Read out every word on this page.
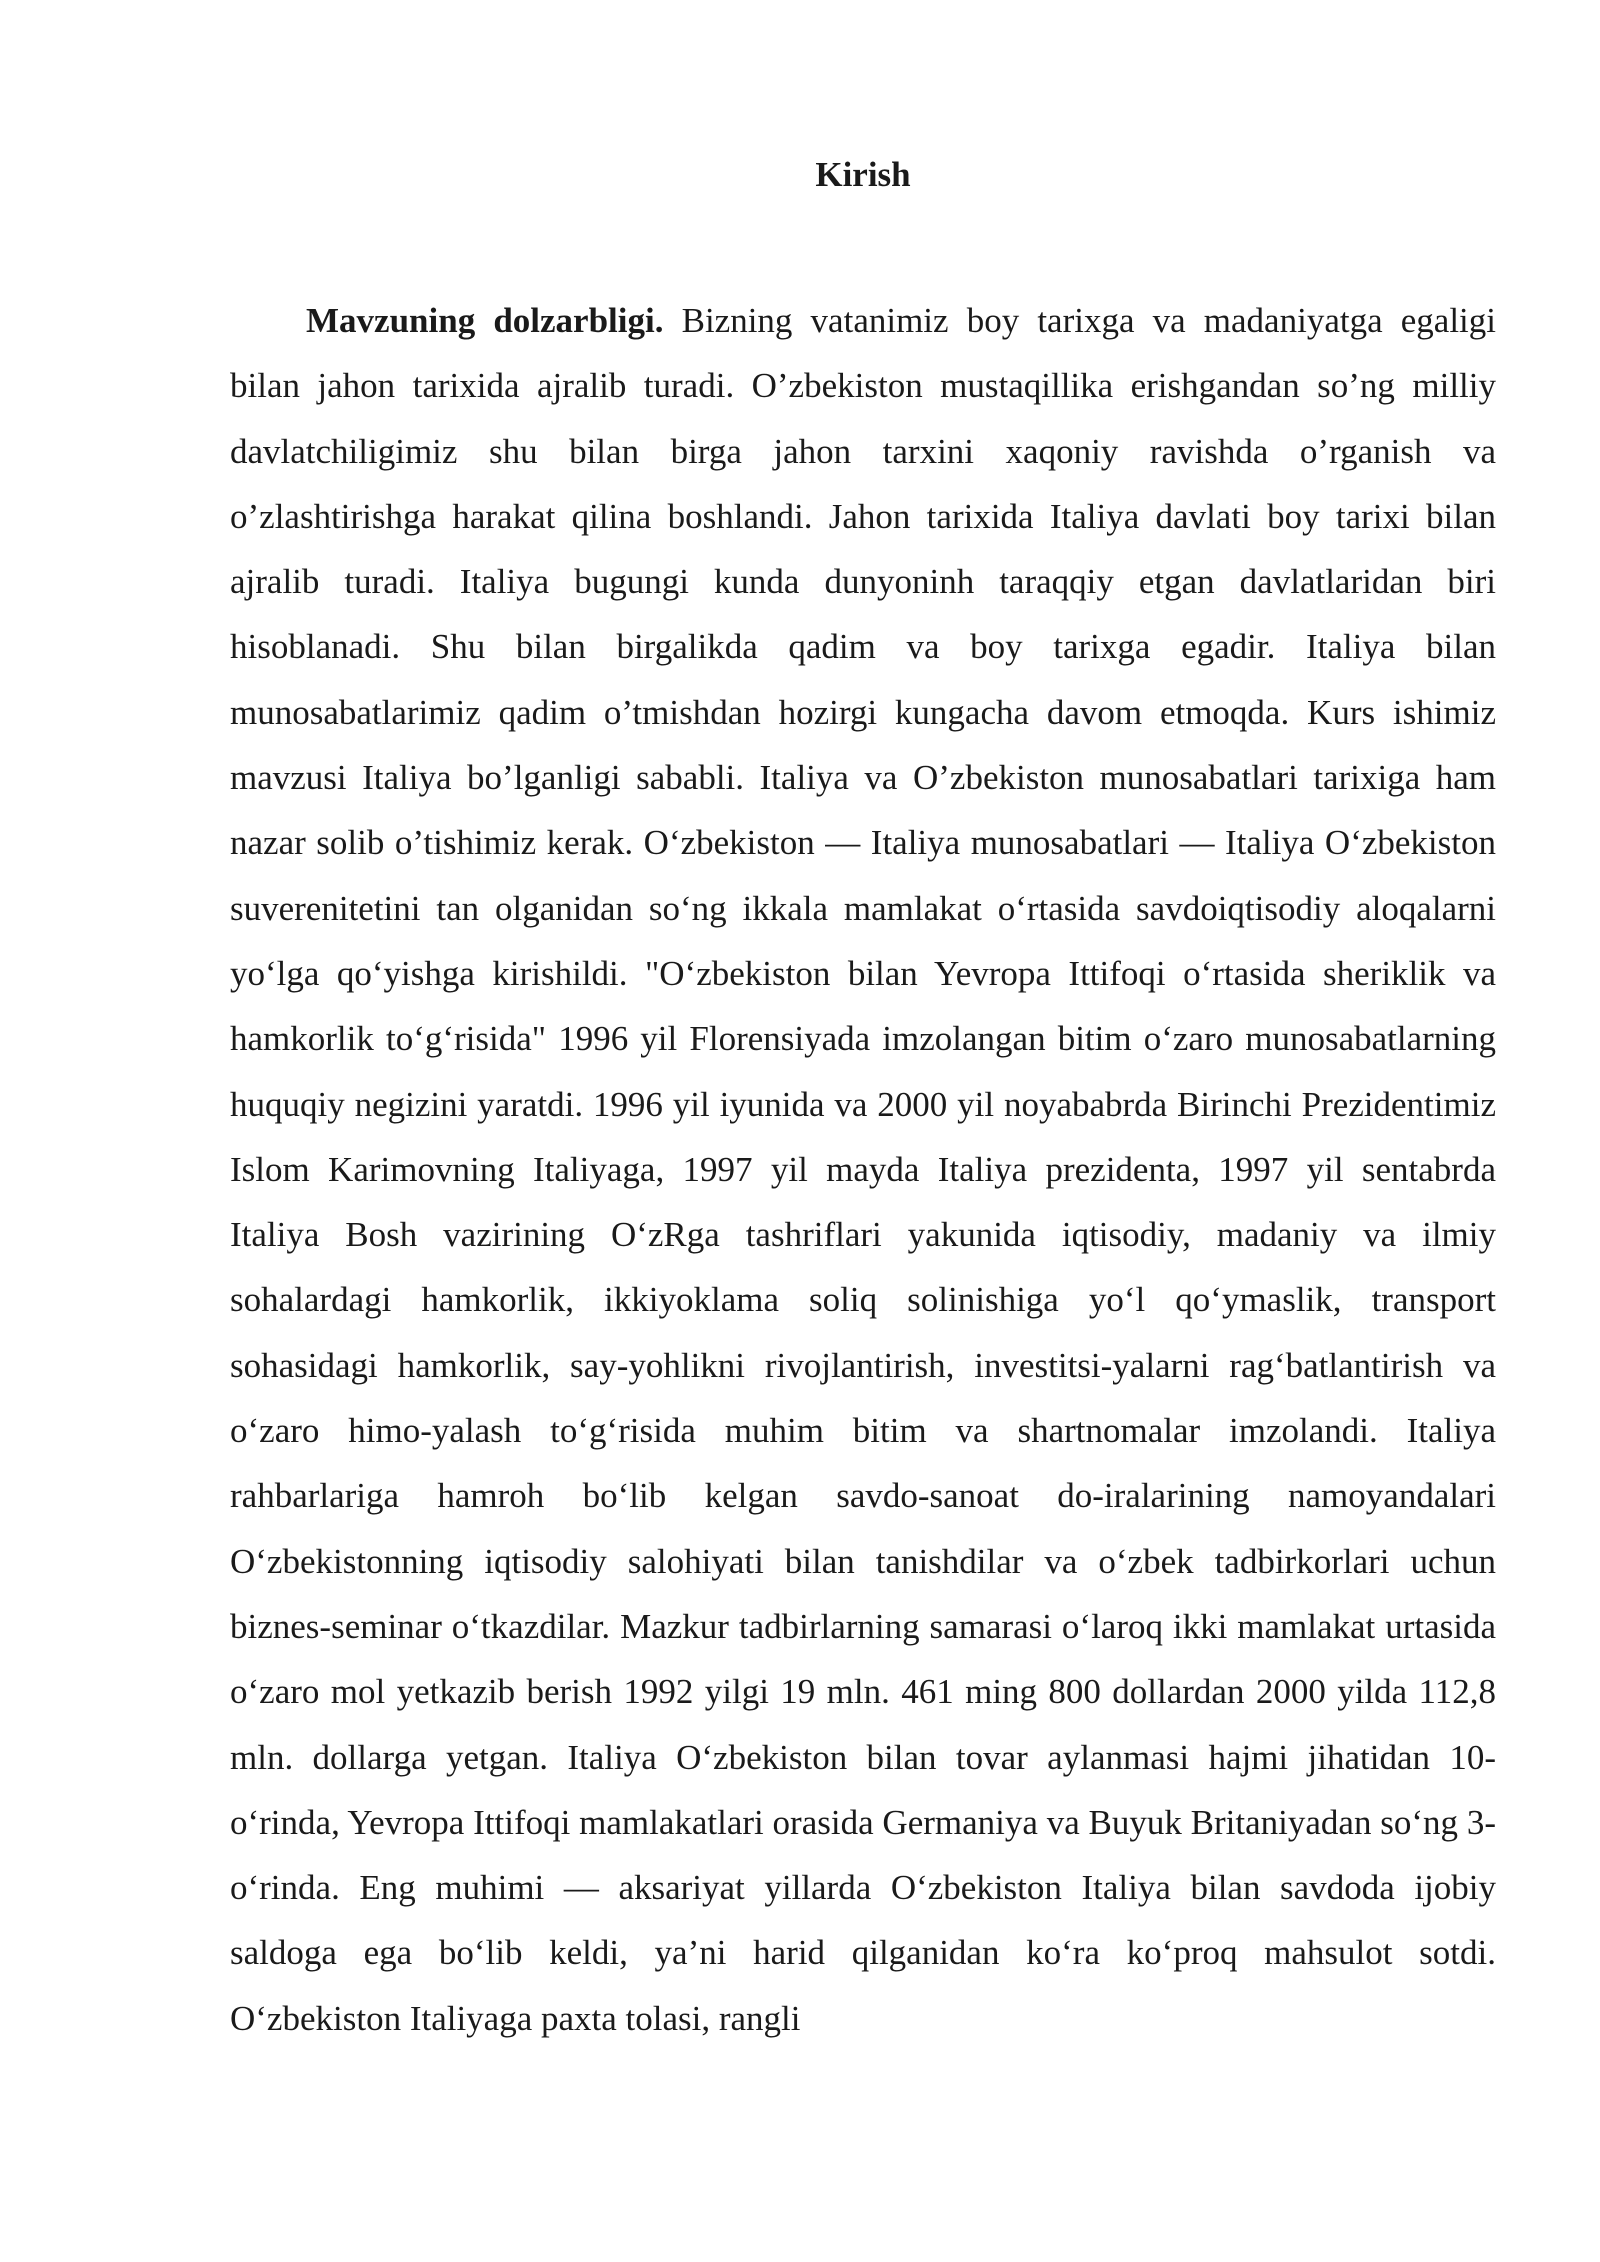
Kirish

Mavzuning dolzarbligi. Bizning vatanimiz boy tarixga va madaniyatga egaligi bilan jahon tarixida ajralib turadi. O’zbekiston mustaqillika erishgandan so’ng milliy davlatchiligimiz shu bilan birga jahon tarxini xaqoniy ravishda o’rganish va o’zlashtirishga harakat qilina boshlandi. Jahon tarixida Italiya davlati boy tarixi bilan ajralib turadi. Italiya bugungi kunda dunyoninh taraqqiy etgan davlatlaridan biri hisoblanadi. Shu bilan birgalikda qadim va boy tarixga egadir. Italiya bilan munosabatlarimiz qadim o’tmishdan hozirgi kungacha davom etmoqda. Kurs ishimiz mavzusi Italiya bo’lganligi sababli. Italiya va O’zbekiston munosabatlari tarixiga ham nazar solib o’tishimiz kerak. O‘zbekiston — Italiya munosabatlari — Italiya O‘zbekiston suverenitetini tan olganidan so‘ng ikkala mamlakat o‘rtasida savdoiqtisodiy aloqalarni yo‘lga qo‘yishga kirishildi. "O‘zbekiston bilan Yevropa Ittifoqi o‘rtasida sheriklik va hamkorlik to‘g‘risida" 1996 yil Florensiyada imzolangan bitim o‘zaro munosabatlarning huquqiy negizini yaratdi. 1996 yil iyunida va 2000 yil noyababrda Birinchi Prezidentimiz Islom Karimovning Italiyaga, 1997 yil mayda Italiya prezidenta, 1997 yil sentabrda Italiya Bosh vazirining O‘zRga tashriflari yakunida iqtisodiy, madaniy va ilmiy sohalardagi hamkorlik, ikkiyoklama soliq solinishiga yo‘l qo‘ymaslik, transport sohasidagi hamkorlik, say-yohlikni rivojlantirish, investitsi-yalarni rag‘batlantirish va o‘zaro himo-yalash to‘g‘risida muhim bitim va shartnomalar imzolandi. Italiya rahbarlariga hamroh bo‘lib kelgan savdo-sanoat do-iralarining namoyandalari O‘zbekistonning iqtisodiy salohiyati bilan tanishdilar va o‘zbek tadbirkorlari uchun biznes-seminar o‘tkazdilar. Mazkur tadbirlarning samarasi o‘laroq ikki mamlakat urtasida o‘zaro mol yetkazib berish 1992 yilgi 19 mln. 461 ming 800 dollardan 2000 yilda 112,8 mln. dollarga yetgan. Italiya O‘zbekiston bilan tovar aylanmasi hajmi jihatidan 10-o‘rinda, Yevropa Ittifoqi mamlakatlari orasida Germaniya va Buyuk Britaniyadan so‘ng 3-o‘rinda. Eng muhimi — aksariyat yillarda O‘zbekiston Italiya bilan savdoda ijobiy saldoga ega bo‘lib keldi, ya’ni harid qilganidan ko‘ra ko‘proq mahsulot sotdi. O‘zbekiston Italiyaga paxta tolasi, rangli
